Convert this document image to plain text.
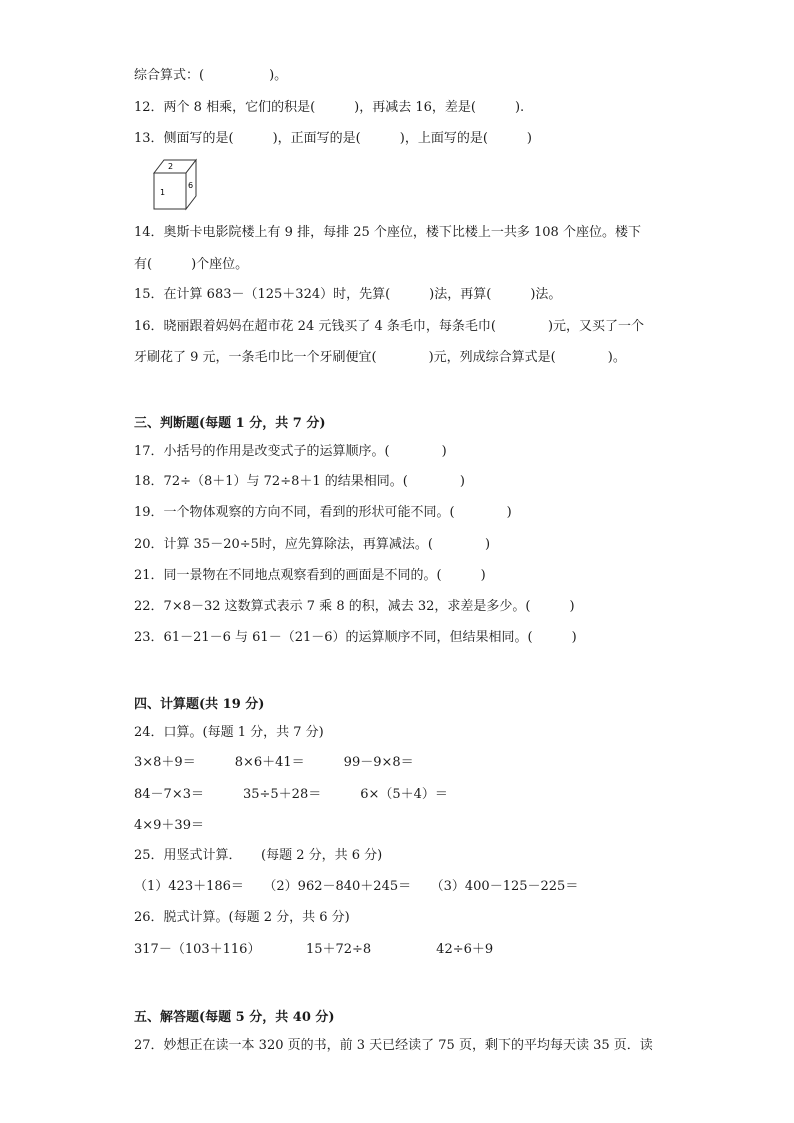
综合算式：(　　　　　)。
12．两个 8 相乘，它们的积是(　　　)，再减去 16，差是(　　　).
13．侧面写的是(　　　)，正面写的是(　　　)，上面写的是(　　　)
2
1
6
14．奥斯卡电影院楼上有 9 排，每排 25 个座位，楼下比楼上一共多 108 个座位。楼下
有(　　　)个座位。
15．在计算 683－（125＋324）时，先算(　　　)法，再算(　　　)法。
16．晓丽跟着妈妈在超市花 24 元钱买了 4 条毛巾，每条毛巾(　　　　)元，又买了一个
牙刷花了 9 元，一条毛巾比一个牙刷便宜(　　　　)元，列成综合算式是(　　　　)。
三、判断题(每题 1 分，共 7 分)
17．小括号的作用是改变式子的运算顺序。(　　　　)
18．72÷（8＋1）与 72÷8＋1 的结果相同。(　　　　)
19．一个物体观察的方向不同，看到的形状可能不同。(　　　　)
20．计算 35－20÷5时，应先算除法，再算减法。(　　　　)
21．同一景物在不同地点观察看到的画面是不同的。(　　　)
22．7×8－32 这数算式表示 7 乘 8 的积，减去 32，求差是多少。(　　　)
23．61－21－6 与 61－（21－6）的运算顺序不同，但结果相同。(　　　)
四、计算题(共 19 分)
24．口算。(每题 1 分，共 7 分)
3×8＋9＝　　　8×6＋41＝　　　99－9×8＝
84－7×3＝　　　35÷5＋28＝　　　6×（5＋4）＝
4×9＋39＝
25．用竖式计算．　　(每题 2 分，共 6 分)
（1）423＋186＝　　（2）962－840＋245＝　　（3）400－125－225＝
26．脱式计算。(每题 2 分，共 6 分)
317－（103＋116）　　　　15＋72÷8　　　　　42÷6＋9
五、解答题(每题 5 分，共 40 分)
27．妙想正在读一本 320 页的书，前 3 天已经读了 75 页，剩下的平均每天读 35 页．读
